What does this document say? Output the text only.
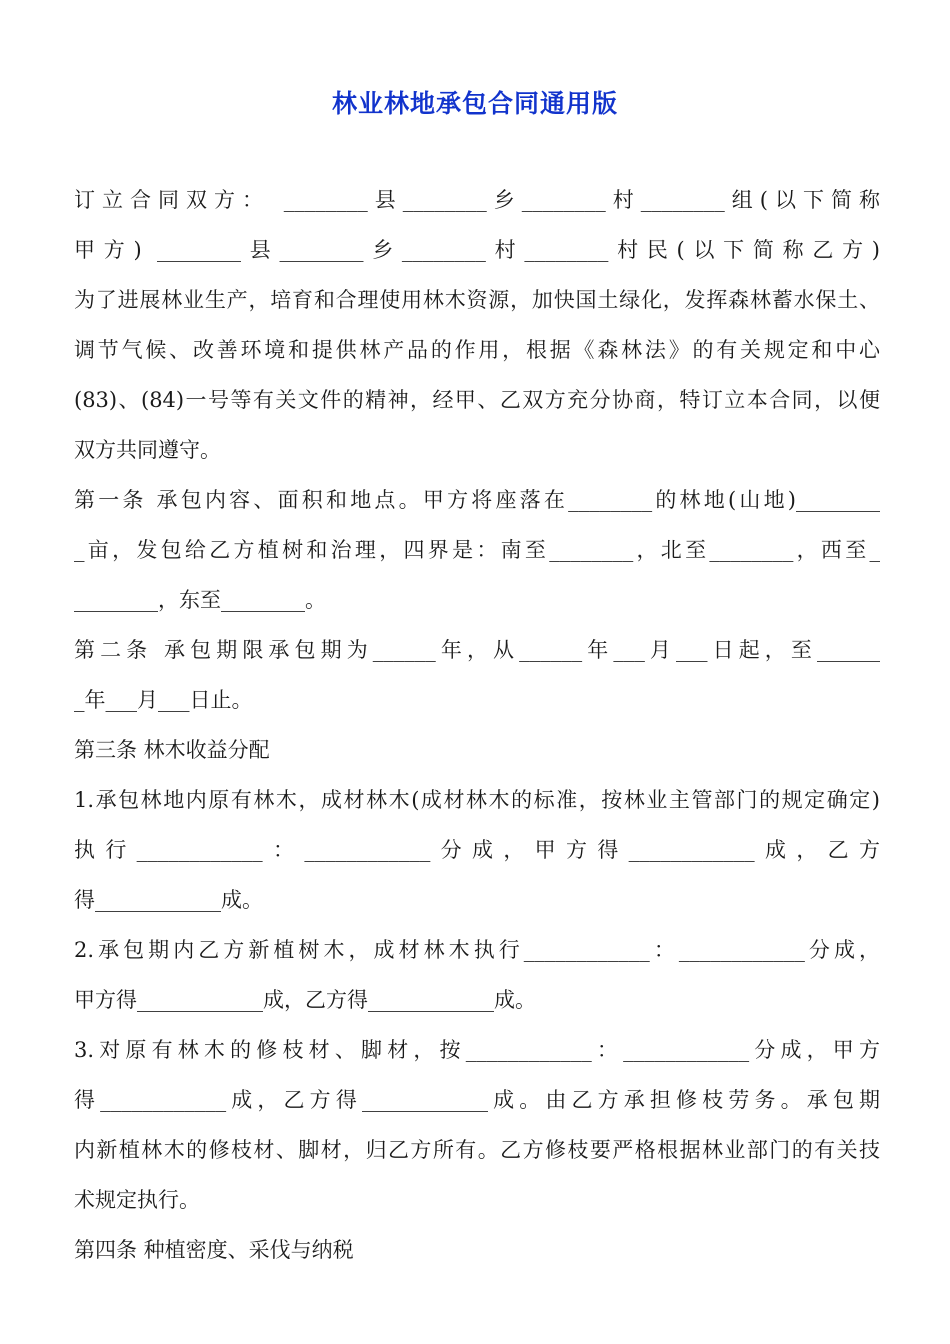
林业林地承包合同通用版
订立合同双方： ________县________乡________村________组(以下简称
甲方) ________县________乡________村________村民(以下简称乙方)
为了进展林业生产，培育和合理使用林木资源，加快国土绿化，发挥森林蓄水保土、
调节气候、改善环境和提供林产品的作用，根据《森林法》的有关规定和中心
(83)、(84)一号等有关文件的精神，经甲、乙双方充分协商，特订立本合同，以便
双方共同遵守。
第一条 承包内容、面积和地点。甲方将座落在________的林地(山地)________
_亩，发包给乙方植树和治理，四界是：南至________，北至________，西至_
________，东至________。
第二条 承包期限承包期为______年，从______年___月___日起，至______
_年___月___日止。
第三条 林木收益分配
1.承包林地内原有林木，成材林木(成材林木的标准，按林业主管部门的规定确定)
执行____________：____________分成，甲方得____________成，乙方
得____________成。
2.承包期内乙方新植树木，成材林木执行____________：____________分成，
甲方得____________成，乙方得____________成。
3.对原有林木的修枝材、脚材，按____________：____________分成，甲方
得____________成，乙方得____________成。由乙方承担修枝劳务。承包期
内新植林木的修枝材、脚材，归乙方所有。乙方修枝要严格根据林业部门的有关技
术规定执行。
第四条 种植密度、采伐与纳税
